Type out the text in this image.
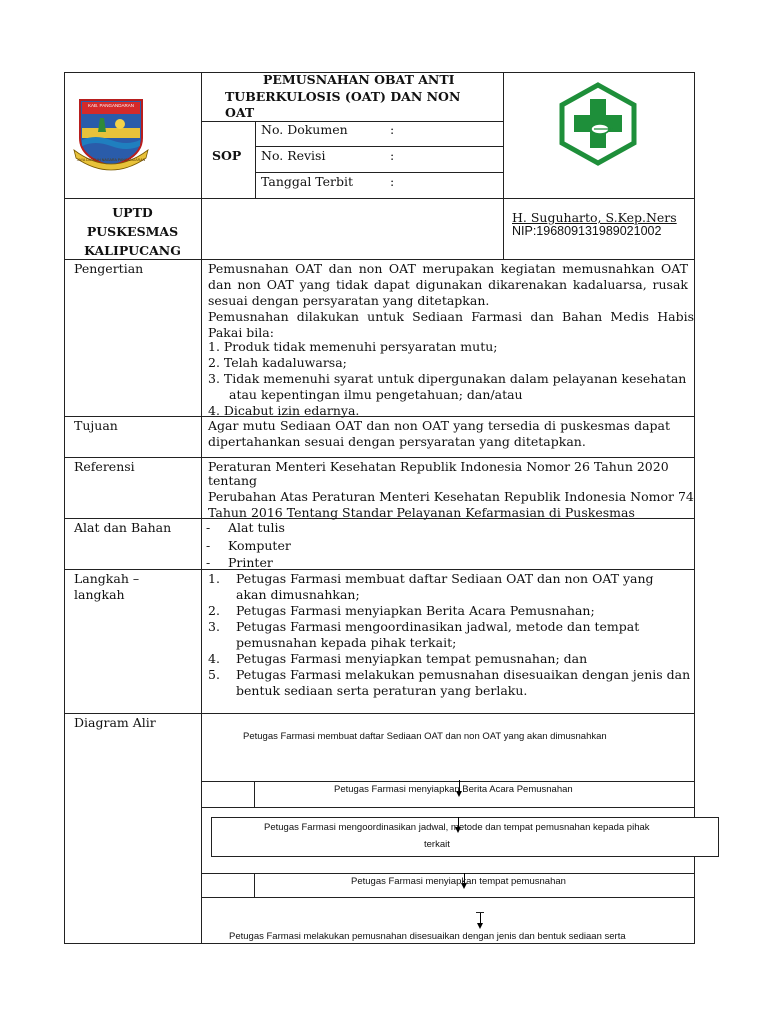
KAB. PANGANDARAN
JAYA DAYEUH NAGARA PANGANDARAN
PEMUSNAHAN OBAT ANTI
TUBERKULOSIS (OAT) DAN NON
OAT
SOP
No. Dokumen	:
No. Revisi	:
Tanggal Terbit	:
UPTD
PUSKESMAS
KALIPUCANG
H. Suguharto, S.Kep.Ners
NIP:196809131989021002
Pengertian	Pemusnahan OAT dan non OAT merupakan kegiatan memusnahkan OAT dan non OAT yang tidak dapat digunakan dikarenakan kadaluarsa, rusak sesuai dengan persyaratan yang ditetapkan.
Pemusnahan dilakukan untuk Sediaan Farmasi dan Bahan Medis Habis Pakai bila:
1. Produk tidak memenuhi persyaratan mutu;
2. Telah kadaluwarsa;
3. Tidak memenuhi syarat untuk dipergunakan dalam pelayanan kesehatan
atau kepentingan ilmu pengetahuan; dan/atau
4. Dicabut izin edarnya.
Tujuan	Agar mutu Sediaan OAT dan non OAT yang tersedia di puskesmas dapat dipertahankan sesuai dengan persyaratan yang ditetapkan.
Referensi	Peraturan Menteri Kesehatan Republik Indonesia Nomor 26 Tahun 2020
tentang
Perubahan Atas Peraturan Menteri Kesehatan Republik Indonesia Nomor 74
Tahun 2016 Tentang Standar Pelayanan Kefarmasian di Puskesmas
Alat dan Bahan	- Alat tulis
- Komputer
- Printer
Langkah –
langkah
1. Petugas Farmasi membuat daftar Sediaan OAT dan non OAT yang
akan dimusnahkan;
2. Petugas Farmasi menyiapkan Berita Acara Pemusnahan;
3. Petugas Farmasi mengoordinasikan jadwal, metode dan tempat
pemusnahan kepada pihak terkait;
4. Petugas Farmasi menyiapkan tempat pemusnahan; dan
5. Petugas Farmasi melakukan pemusnahan disesuaikan dengan jenis dan
bentuk sediaan serta peraturan yang berlaku.
Diagram Alir
Petugas Farmasi membuat daftar Sediaan OAT dan non OAT yang akan dimusnahkan
Petugas Farmasi menyiapkan Berita Acara Pemusnahan
Petugas Farmasi mengoordinasikan jadwal, metode dan tempat pemusnahan kepada pihak
terkait
Petugas Farmasi menyiapkan tempat pemusnahan
Petugas Farmasi melakukan pemusnahan disesuaikan dengan jenis dan bentuk sediaan serta
